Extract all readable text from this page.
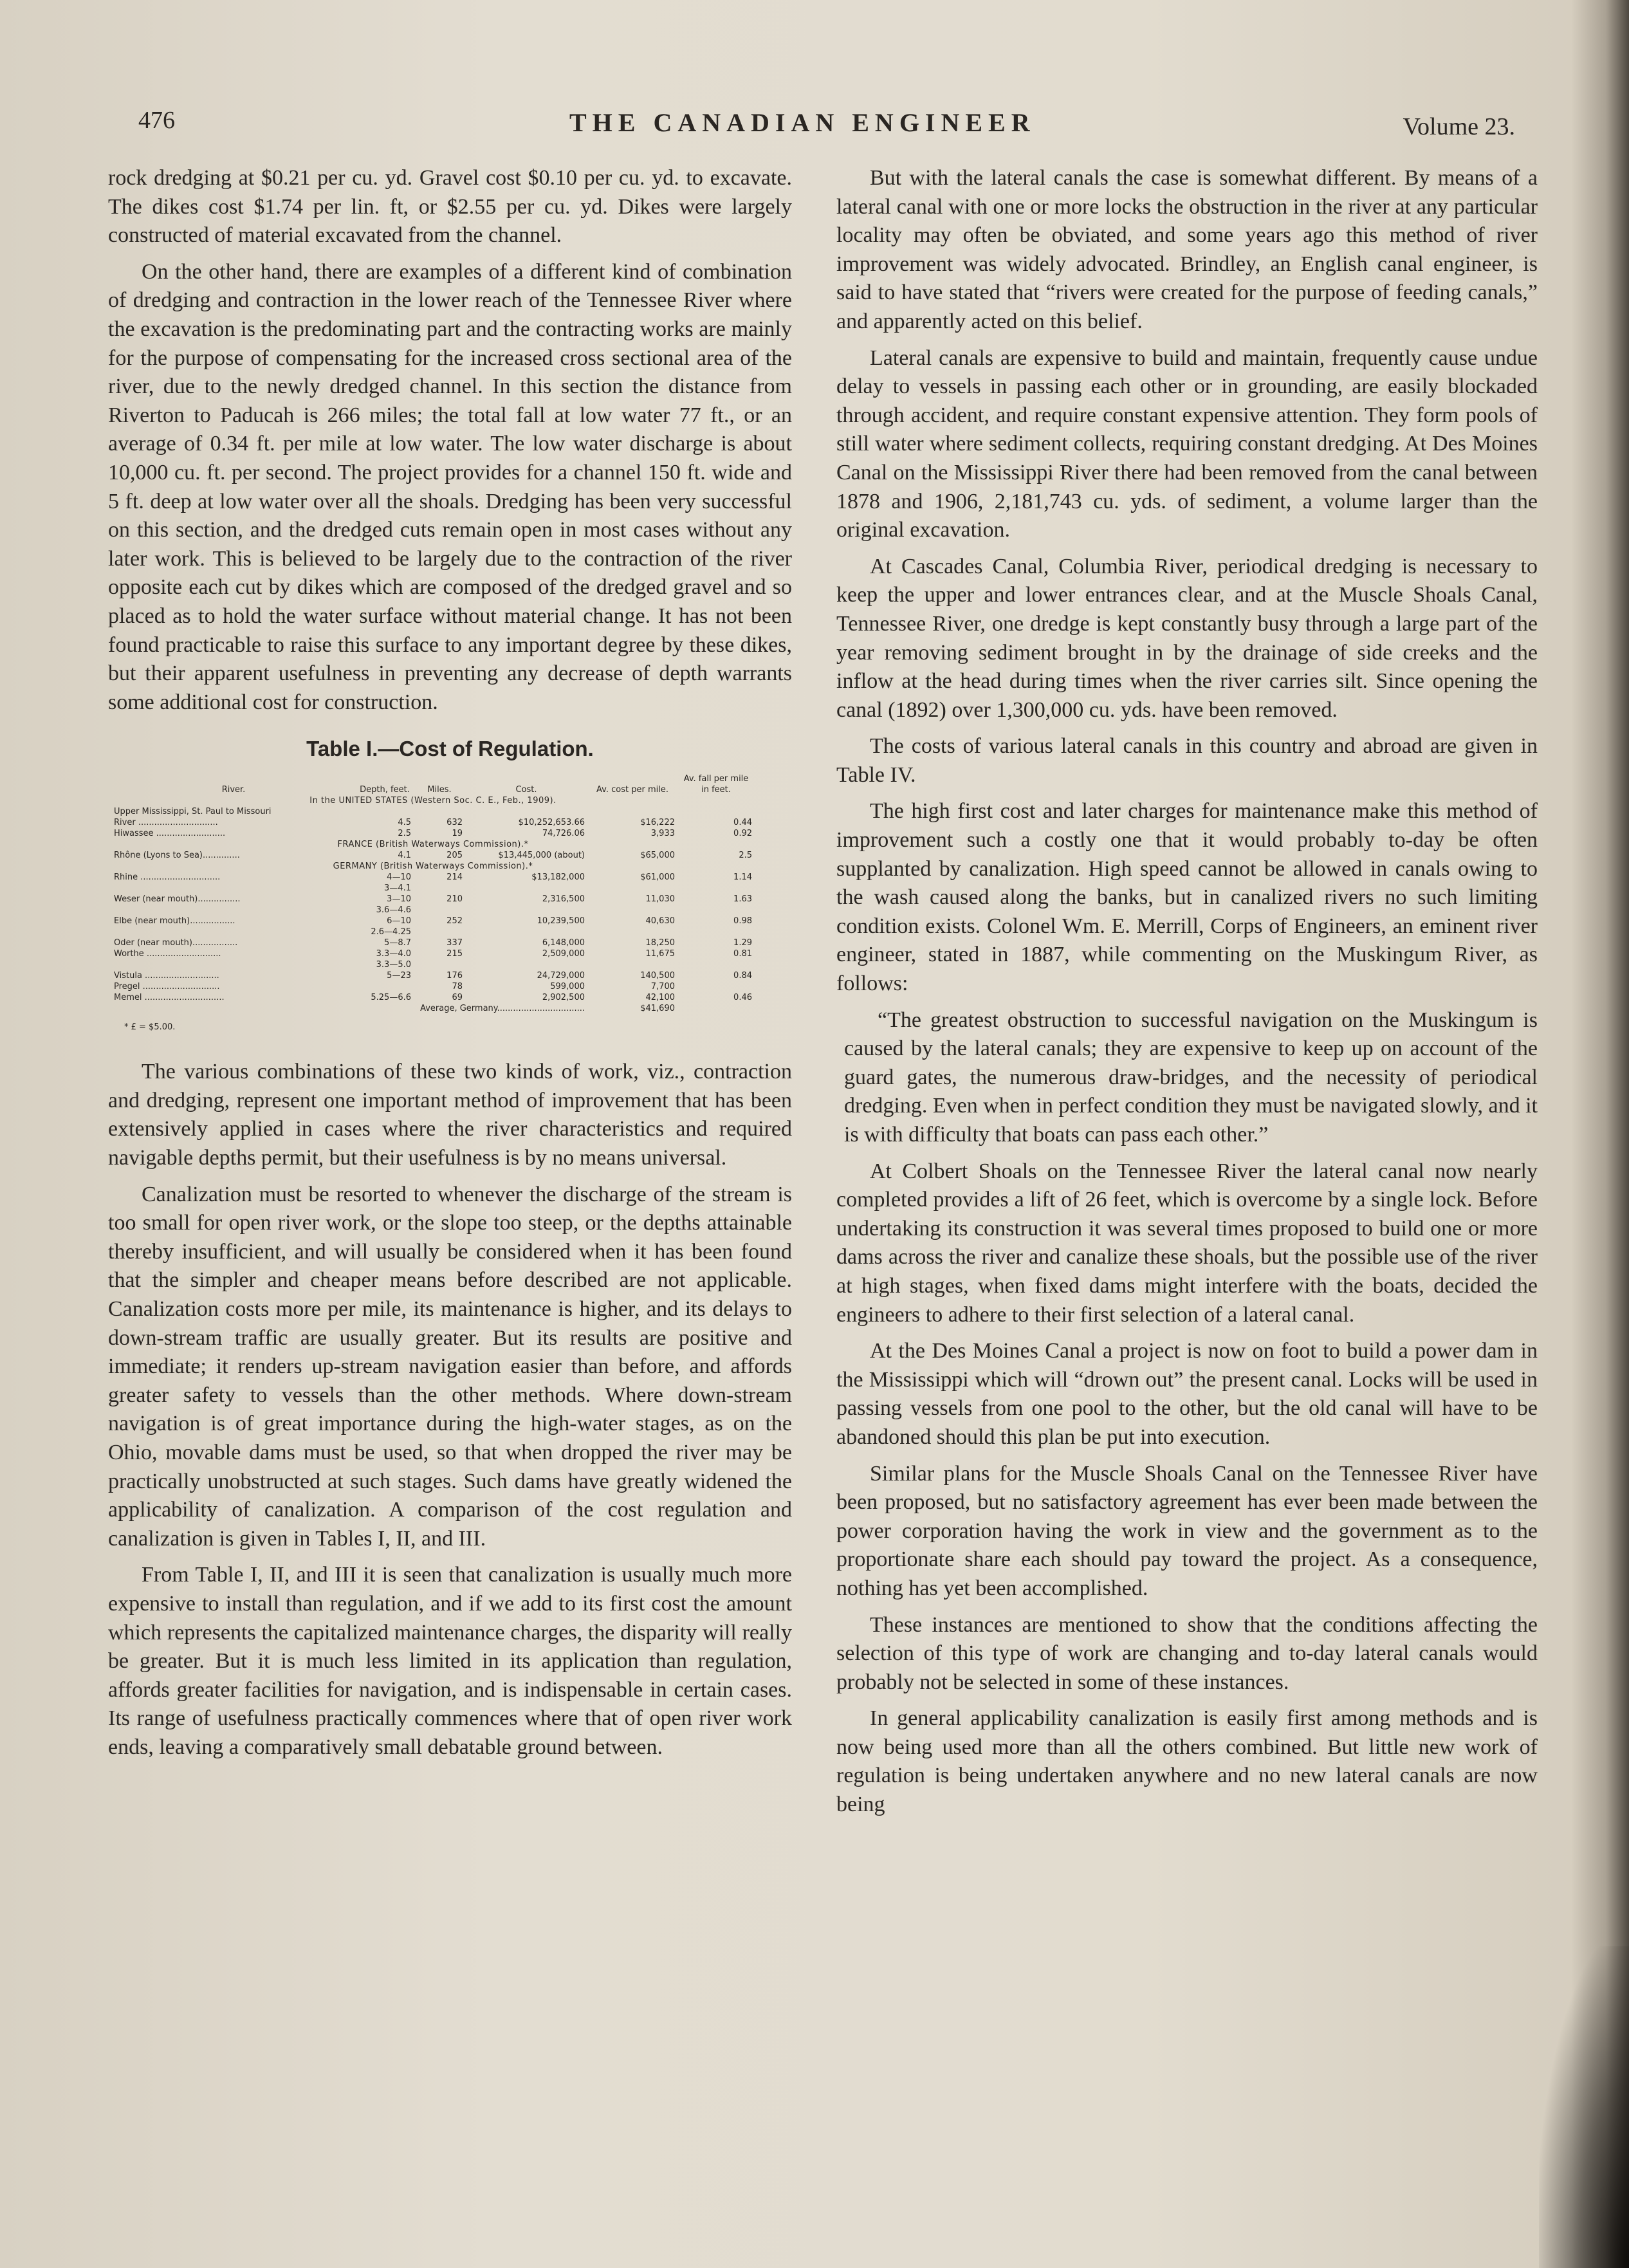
476	THE CANADIAN ENGINEER	Volume 23.

rock dredging at $0.21 per cu. yd. Gravel cost $0.10 per cu. yd. to excavate. The dikes cost $1.74 per lin. ft, or $2.55 per cu. yd. Dikes were largely constructed of material excavated from the channel.

On the other hand, there are examples of a different kind of combination of dredging and contraction in the lower reach of the Tennessee River where the excavation is the predominating part and the contracting works are mainly for the purpose of compensating for the increased cross sectional area of the river, due to the newly dredged channel. In this section the distance from Riverton to Paducah is 266 miles; the total fall at low water 77 ft., or an average of 0.34 ft. per mile at low water. The low water discharge is about 10,000 cu. ft. per second. The project provides for a channel 150 ft. wide and 5 ft. deep at low water over all the shoals. Dredging has been very successful on this section, and the dredged cuts remain open in most cases without any later work. This is believed to be largely due to the contraction of the river opposite each cut by dikes which are composed of the dredged gravel and so placed as to hold the water surface without material change. It has not been found practicable to raise this surface to any important degree by these dikes, but their apparent usefulness in preventing any decrease of depth warrants some additional cost for construction.

Table I.—Cost of Regulation.

River.	Depth, feet.	Miles.	Cost.	Av. cost per mile.	Av. fall per mile in feet.
In the UNITED STATES (Western Soc. C. E., Feb., 1909).					
Upper Mississippi, St. Paul to Missouri					
River ..............................	4.5	632	$10,252,653.66	$16,222	0.44
Hiwassee ..........................	2.5	19	74,726.06	3,933	0.92
FRANCE (British Waterways Commission).*					
Rhône (Lyons to Sea)..............	4.1	205	$13,445,000 (about)	$65,000	2.5
GERMANY (British Waterways Commission).*					
Rhine ..............................	4—10	214	$13,182,000	$61,000	1.14
	3—4.1				
Weser (near mouth)................	3—10	210	2,316,500	11,030	1.63
	3.6—4.6				
Elbe (near mouth).................	6—10	252	10,239,500	40,630	0.98
	2.6—4.25				
Oder (near mouth).................	5—8.7	337	6,148,000	18,250	1.29
Worthe ............................	3.3—4.0	215	2,509,000	11,675	0.81
	3.3—5.0				
Vistula ............................	5—23	176	24,729,000	140,500	0.84
Pregel .............................		78	599,000	7,700	
Memel ..............................	5.25—6.6	69	2,902,500	42,100	0.46
Average, Germany.................................				$41,690	

* £ = $5.00.

The various combinations of these two kinds of work, viz., contraction and dredging, represent one important method of improvement that has been extensively applied in cases where the river characteristics and required navigable depths permit, but their usefulness is by no means universal.

Canalization must be resorted to whenever the discharge of the stream is too small for open river work, or the slope too steep, or the depths attainable thereby insufficient, and will usually be considered when it has been found that the simpler and cheaper means before described are not applicable. Canalization costs more per mile, its maintenance is higher, and its delays to down-stream traffic are usually greater. But its results are positive and immediate; it renders up-stream navigation easier than before, and affords greater safety to vessels than the other methods. Where down-stream navigation is of great importance during the high-water stages, as on the Ohio, movable dams must be used, so that when dropped the river may be practically unobstructed at such stages. Such dams have greatly widened the applicability of canalization. A comparison of the cost regulation and canalization is given in Tables I, II, and III.

From Table I, II, and III it is seen that canalization is usually much more expensive to install than regulation, and if we add to its first cost the amount which represents the capitalized maintenance charges, the disparity will really be greater. But it is much less limited in its application than regulation, affords greater facilities for navigation, and is indispensable in certain cases. Its range of usefulness practically commences where that of open river work ends, leaving a comparatively small debatable ground between.

But with the lateral canals the case is somewhat different. By means of a lateral canal with one or more locks the obstruction in the river at any particular locality may often be obviated, and some years ago this method of river improvement was widely advocated. Brindley, an English canal engineer, is said to have stated that “rivers were created for the purpose of feeding canals,” and apparently acted on this belief.

Lateral canals are expensive to build and maintain, frequently cause undue delay to vessels in passing each other or in grounding, are easily blockaded through accident, and require constant expensive attention. They form pools of still water where sediment collects, requiring constant dredging. At Des Moines Canal on the Mississippi River there had been removed from the canal between 1878 and 1906, 2,181,743 cu. yds. of sediment, a volume larger than the original excavation.

At Cascades Canal, Columbia River, periodical dredging is necessary to keep the upper and lower entrances clear, and at the Muscle Shoals Canal, Tennessee River, one dredge is kept constantly busy through a large part of the year removing sediment brought in by the drainage of side creeks and the inflow at the head during times when the river carries silt. Since opening the canal (1892) over 1,300,000 cu. yds. have been removed.

The costs of various lateral canals in this country and abroad are given in Table IV.

The high first cost and later charges for maintenance make this method of improvement such a costly one that it would probably to-day be often supplanted by canalization. High speed cannot be allowed in canals owing to the wash caused along the banks, but in canalized rivers no such limiting condition exists. Colonel Wm. E. Merrill, Corps of Engineers, an eminent river engineer, stated in 1887, while commenting on the Muskingum River, as follows:

“The greatest obstruction to successful navigation on the Muskingum is caused by the lateral canals; they are expensive to keep up on account of the guard gates, the numerous draw-bridges, and the necessity of periodical dredging. Even when in perfect condition they must be navigated slowly, and it is with difficulty that boats can pass each other.”

At Colbert Shoals on the Tennessee River the lateral canal now nearly completed provides a lift of 26 feet, which is overcome by a single lock. Before undertaking its construction it was several times proposed to build one or more dams across the river and canalize these shoals, but the possible use of the river at high stages, when fixed dams might interfere with the boats, decided the engineers to adhere to their first selection of a lateral canal.

At the Des Moines Canal a project is now on foot to build a power dam in the Mississippi which will “drown out” the present canal. Locks will be used in passing vessels from one pool to the other, but the old canal will have to be abandoned should this plan be put into execution.

Similar plans for the Muscle Shoals Canal on the Tennessee River have been proposed, but no satisfactory agreement has ever been made between the power corporation having the work in view and the government as to the proportionate share each should pay toward the project. As a consequence, nothing has yet been accomplished.

These instances are mentioned to show that the conditions affecting the selection of this type of work are changing and to-day lateral canals would probably not be selected in some of these instances.

In general applicability canalization is easily first among methods and is now being used more than all the others combined. But little new work of regulation is being undertaken anywhere and no new lateral canals are now being
